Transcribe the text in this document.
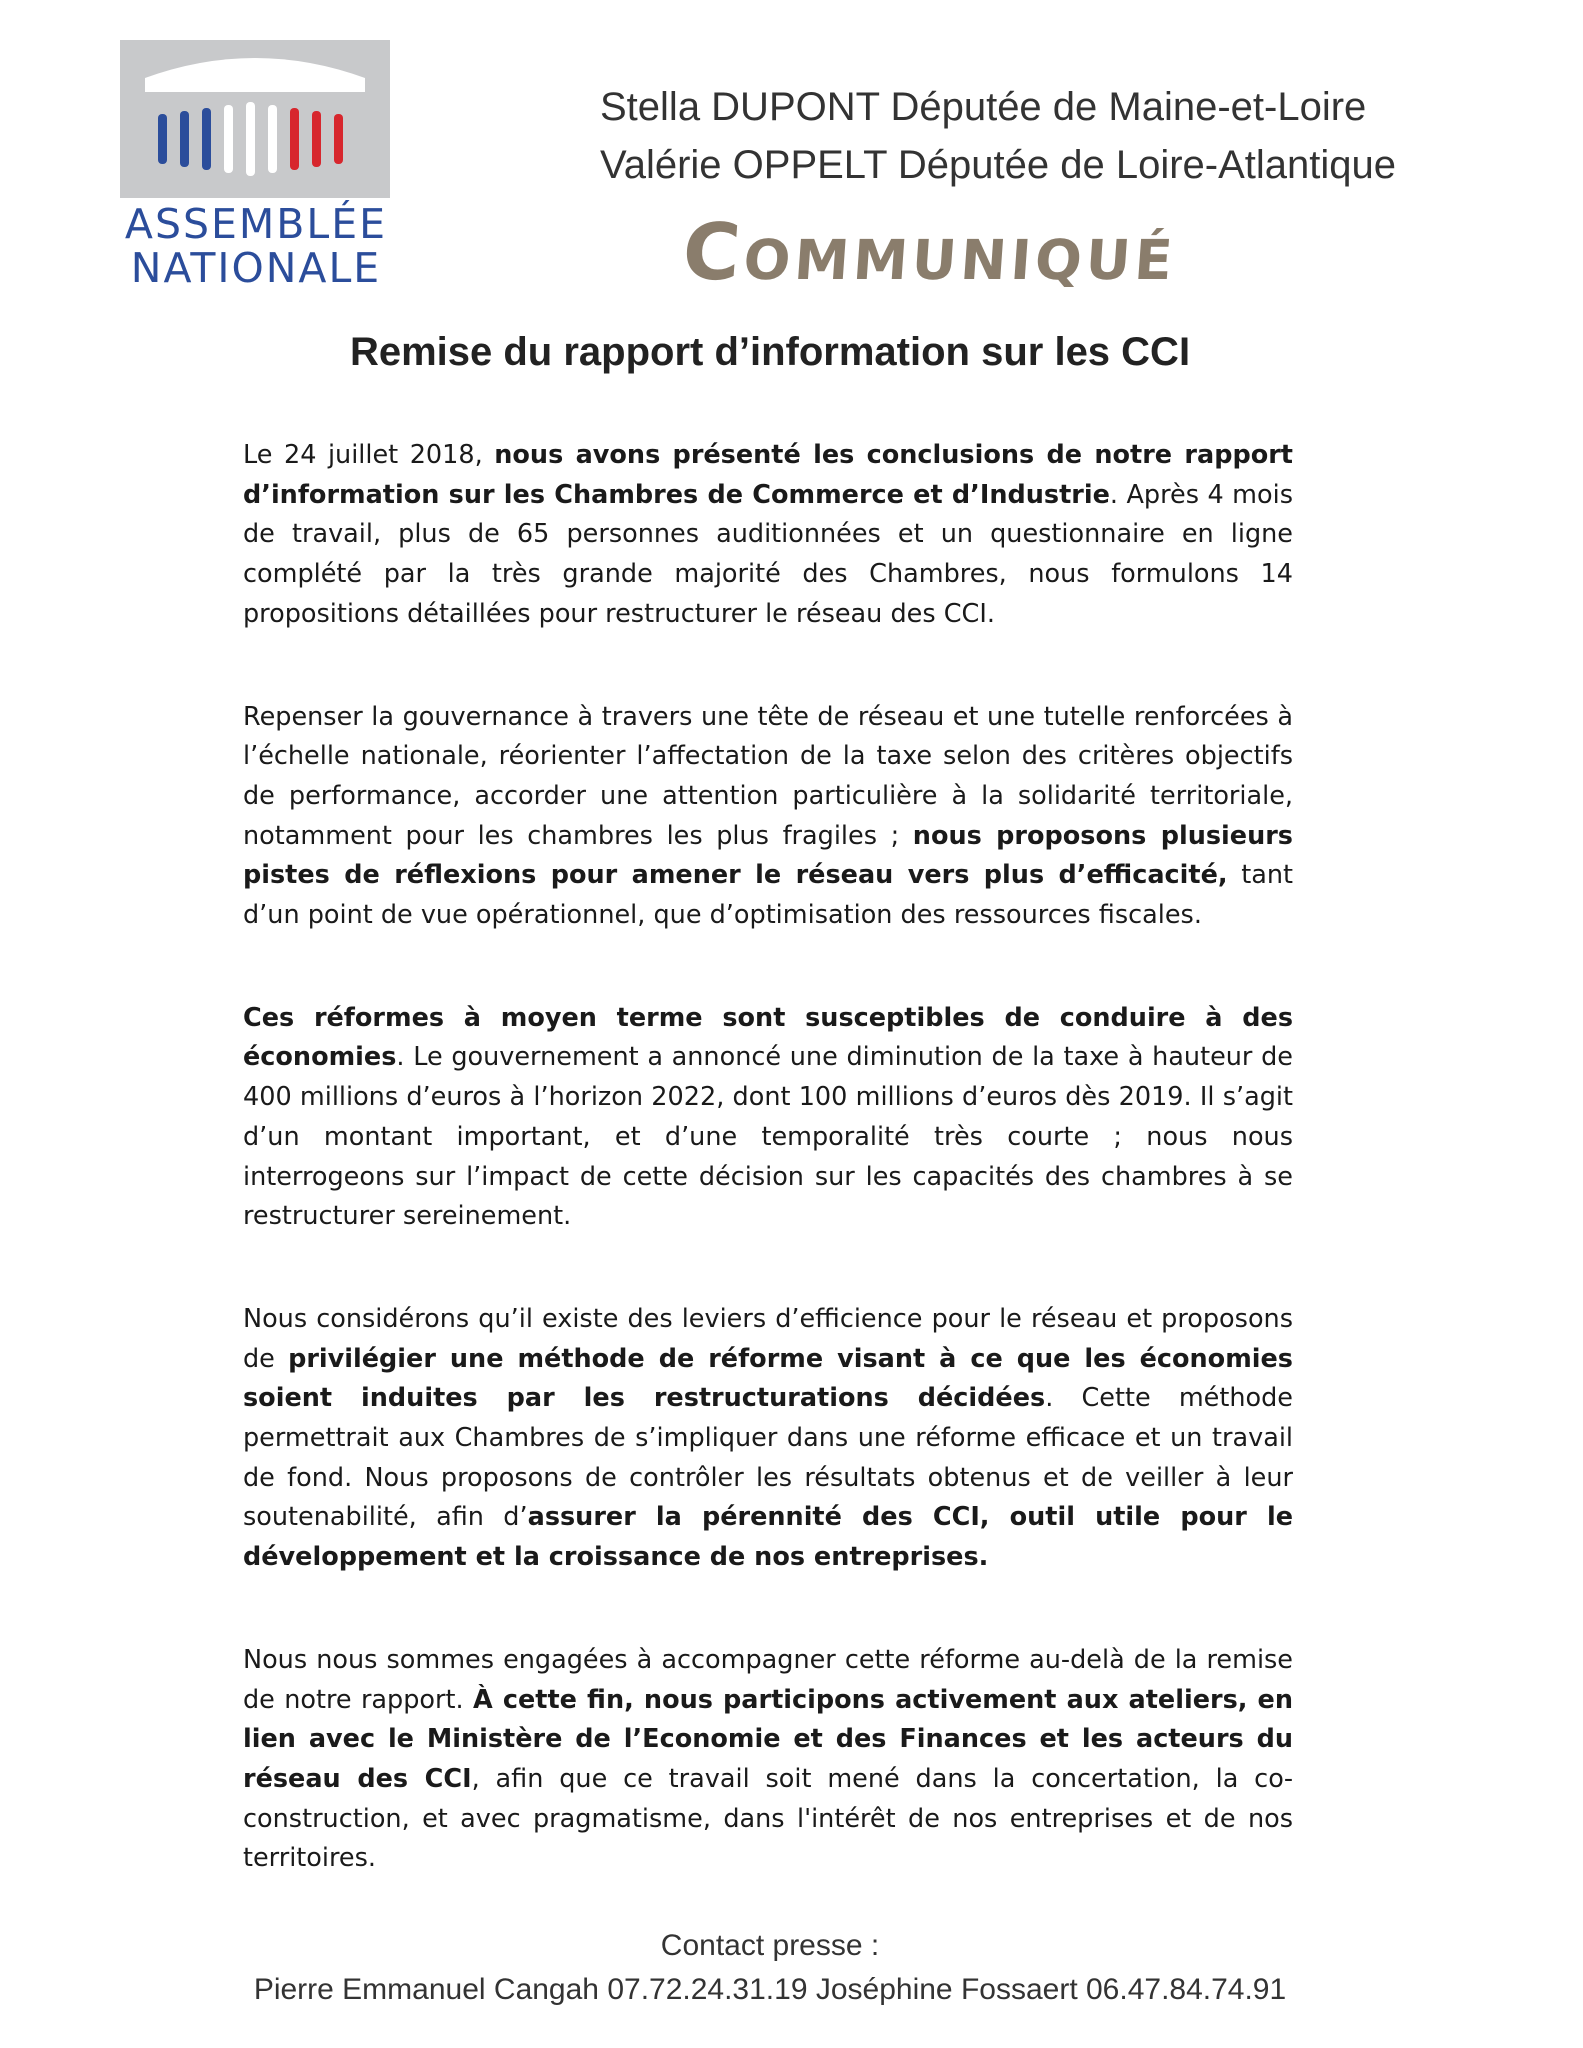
ASSEMBLÉE
NATIONALE
Stella DUPONT Députée de Maine-et-Loire
Valérie OPPELT Députée de Loire-Atlantique
Communiqué
Remise du rapport d’information sur les CCI

Le 24 juillet 2018, nous avons présenté les conclusions de notre rapport d’information sur les Chambres de Commerce et d’Industrie. Après 4 mois de travail, plus de 65 personnes auditionnées et un questionnaire en ligne complété par la très grande majorité des Chambres, nous formulons 14 propositions détaillées pour restructurer le réseau des CCI.

Repenser la gouvernance à travers une tête de réseau et une tutelle renforcées à l’échelle nationale, réorienter l’affectation de la taxe selon des critères objectifs de performance, accorder une attention particulière à la solidarité territoriale, notamment pour les chambres les plus fragiles ; nous proposons plusieurs pistes de réflexions pour amener le réseau vers plus d’efficacité, tant d’un point de vue opérationnel, que d’optimisation des ressources fiscales.

Ces réformes à moyen terme sont susceptibles de conduire à des économies. Le gouvernement a annoncé une diminution de la taxe à hauteur de 400 millions d’euros à l’horizon 2022, dont 100 millions d’euros dès 2019. Il s’agit d’un montant important, et d’une temporalité très courte ; nous nous interrogeons sur l’impact de cette décision sur les capacités des chambres à se restructurer sereinement.

Nous considérons qu’il existe des leviers d’efficience pour le réseau et proposons de privilégier une méthode de réforme visant à ce que les économies soient induites par les restructurations décidées. Cette méthode permettrait aux Chambres de s’impliquer dans une réforme efficace et un travail de fond. Nous proposons de contrôler les résultats obtenus et de veiller à leur soutenabilité, afin d’assurer la pérennité des CCI, outil utile pour le développement et la croissance de nos entreprises.

Nous nous sommes engagées à accompagner cette réforme au-delà de la remise de notre rapport. À cette fin, nous participons activement aux ateliers, en lien avec le Ministère de l’Economie et des Finances et les acteurs du réseau des CCI, afin que ce travail soit mené dans la concertation, la coconstruction, et avec pragmatisme, dans l'intérêt de nos entreprises et de nos territoires.

Contact presse :
Pierre Emmanuel Cangah 07.72.24.31.19 Joséphine Fossaert 06.47.84.74.91
